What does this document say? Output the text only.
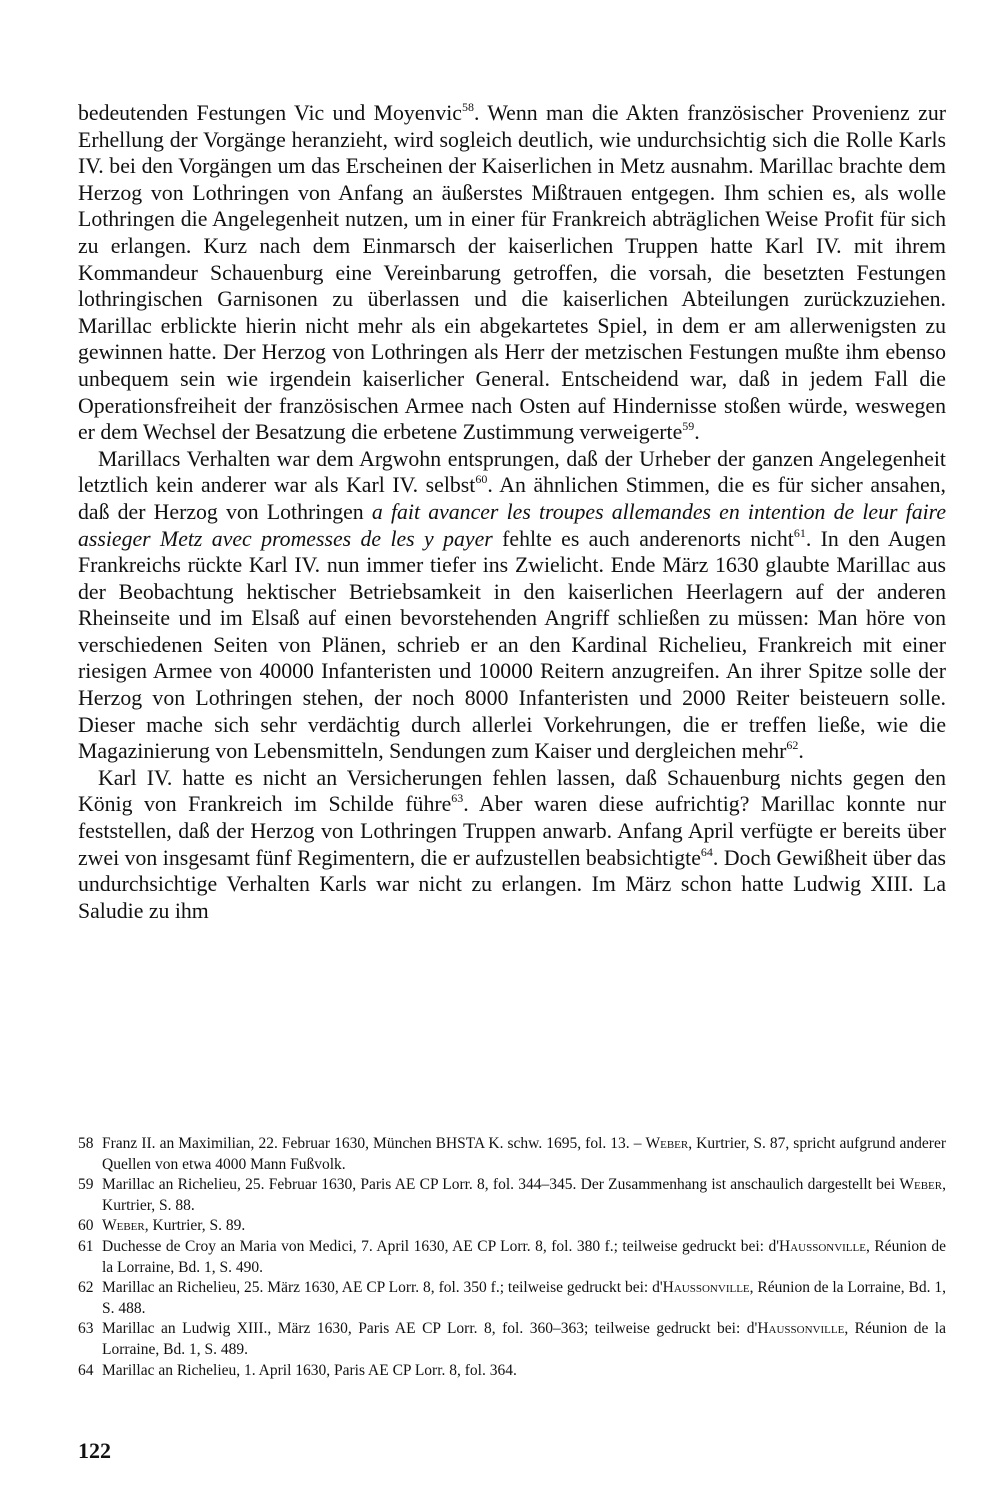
bedeutenden Festungen Vic und Moyenvic$^{58}$. Wenn man die Akten französischer Provenienz zur Erhellung der Vorgänge heranzieht, wird sogleich deutlich, wie undurchsichtig sich die Rolle Karls IV. bei den Vorgängen um das Erscheinen der Kaiserlichen in Metz ausnahm. Marillac brachte dem Herzog von Lothringen von Anfang an äußerstes Mißtrauen entgegen. Ihm schien es, als wolle Lothringen die Angelegenheit nutzen, um in einer für Frankreich abträglichen Weise Profit für sich zu erlangen. Kurz nach dem Einmarsch der kaiserlichen Truppen hatte Karl IV. mit ihrem Kommandeur Schauenburg eine Vereinbarung getroffen, die vorsah, die besetzten Festungen lothringischen Garnisonen zu überlassen und die kaiserlichen Abteilungen zurückzuziehen. Marillac erblickte hierin nicht mehr als ein abgekartetes Spiel, in dem er am allerwenigsten zu gewinnen hatte. Der Herzog von Lothringen als Herr der metzischen Festungen mußte ihm ebenso unbequem sein wie irgendein kaiserlicher General. Entscheidend war, daß in jedem Fall die Operationsfreiheit der französischen Armee nach Osten auf Hindernisse stoßen würde, weswegen er dem Wechsel der Besatzung die erbetene Zustimmung verweigerte$^{59}$.

Marillacs Verhalten war dem Argwohn entsprungen, daß der Urheber der ganzen Angelegenheit letztlich kein anderer war als Karl IV. selbst$^{60}$. An ähnlichen Stimmen, die es für sicher ansahen, daß der Herzog von Lothringen a fait avancer les troupes allemandes en intention de leur faire assieger Metz avec promesses de les y payer fehlte es auch anderenorts nicht$^{61}$. In den Augen Frankreichs rückte Karl IV. nun immer tiefer ins Zwielicht. Ende März 1630 glaubte Marillac aus der Beobachtung hektischer Betriebsamkeit in den kaiserlichen Heerlagern auf der anderen Rheinseite und im Elsaß auf einen bevorstehenden Angriff schließen zu müssen: Man höre von verschiedenen Seiten von Plänen, schrieb er an den Kardinal Richelieu, Frankreich mit einer riesigen Armee von 40000 Infanteristen und 10000 Reitern anzugreifen. An ihrer Spitze solle der Herzog von Lothringen stehen, der noch 8000 Infanteristen und 2000 Reiter beisteuern solle. Dieser mache sich sehr verdächtig durch allerlei Vorkehrungen, die er treffen ließe, wie die Magazinierung von Lebensmitteln, Sendungen zum Kaiser und dergleichen mehr$^{62}$.

Karl IV. hatte es nicht an Versicherungen fehlen lassen, daß Schauenburg nichts gegen den König von Frankreich im Schilde führe$^{63}$. Aber waren diese aufrichtig? Marillac konnte nur feststellen, daß der Herzog von Lothringen Truppen anwarb. Anfang April verfügte er bereits über zwei von insgesamt fünf Regimentern, die er aufzustellen beabsichtigte$^{64}$. Doch Gewißheit über das undurchsichtige Verhalten Karls war nicht zu erlangen. Im März schon hatte Ludwig XIII. La Saludie zu ihm

58 Franz II. an Maximilian, 22. Februar 1630, München BHSTA K. schw. 1695, fol. 13. – Weber, Kurtrier, S. 87, spricht aufgrund anderer Quellen von etwa 4000 Mann Fußvolk.
59 Marillac an Richelieu, 25. Februar 1630, Paris AE CP Lorr. 8, fol. 344–345. Der Zusammenhang ist anschaulich dargestellt bei Weber, Kurtrier, S. 88.
60 Weber, Kurtrier, S. 89.
61 Duchesse de Croy an Maria von Medici, 7. April 1630, AE CP Lorr. 8, fol. 380 f.; teilweise gedruckt bei: d'Haussonville, Réunion de la Lorraine, Bd. 1, S. 490.
62 Marillac an Richelieu, 25. März 1630, AE CP Lorr. 8, fol. 350 f.; teilweise gedruckt bei: d'Haussonville, Réunion de la Lorraine, Bd. 1, S. 488.
63 Marillac an Ludwig XIII., März 1630, Paris AE CP Lorr. 8, fol. 360–363; teilweise gedruckt bei: d'Haussonville, Réunion de la Lorraine, Bd. 1, S. 489.
64 Marillac an Richelieu, 1. April 1630, Paris AE CP Lorr. 8, fol. 364.
122
